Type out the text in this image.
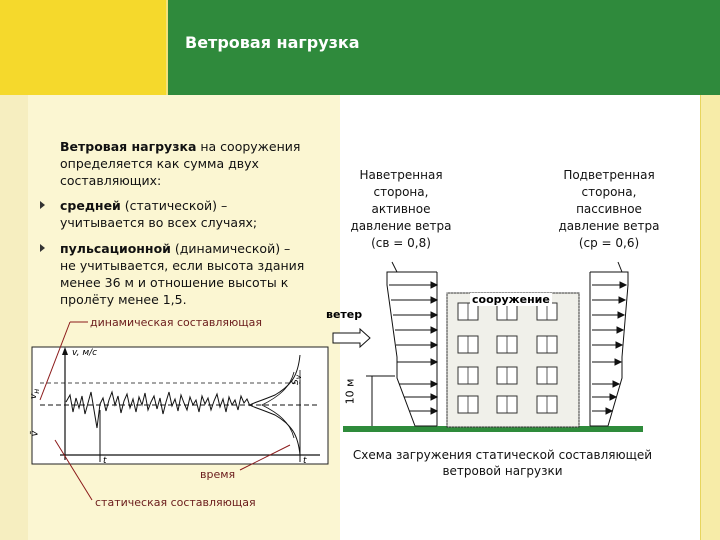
Ветровая нагрузка
Ветровая нагрузка на сооружения
определяется как сумма двух
составляющих:
средней (статической) –
учитывается во всех случаях;
пульсационной (динамической) –
не учитывается, если высота здания
менее 36 м и отношение высоты к
пролёту менее 1,5.
динамическая составляющая
время
статическая составляющая
v, м/с
$v_н$
v̄
$S_v$
t	t
Наветренная
сторона,
активное
давление ветра
(cв = 0,8)
Подветренная
сторона,
пассивное
давление ветра
(cр = 0,6)
ветер
сооружение
10 м
Схема загружения статической составляющей
ветровой нагрузки
